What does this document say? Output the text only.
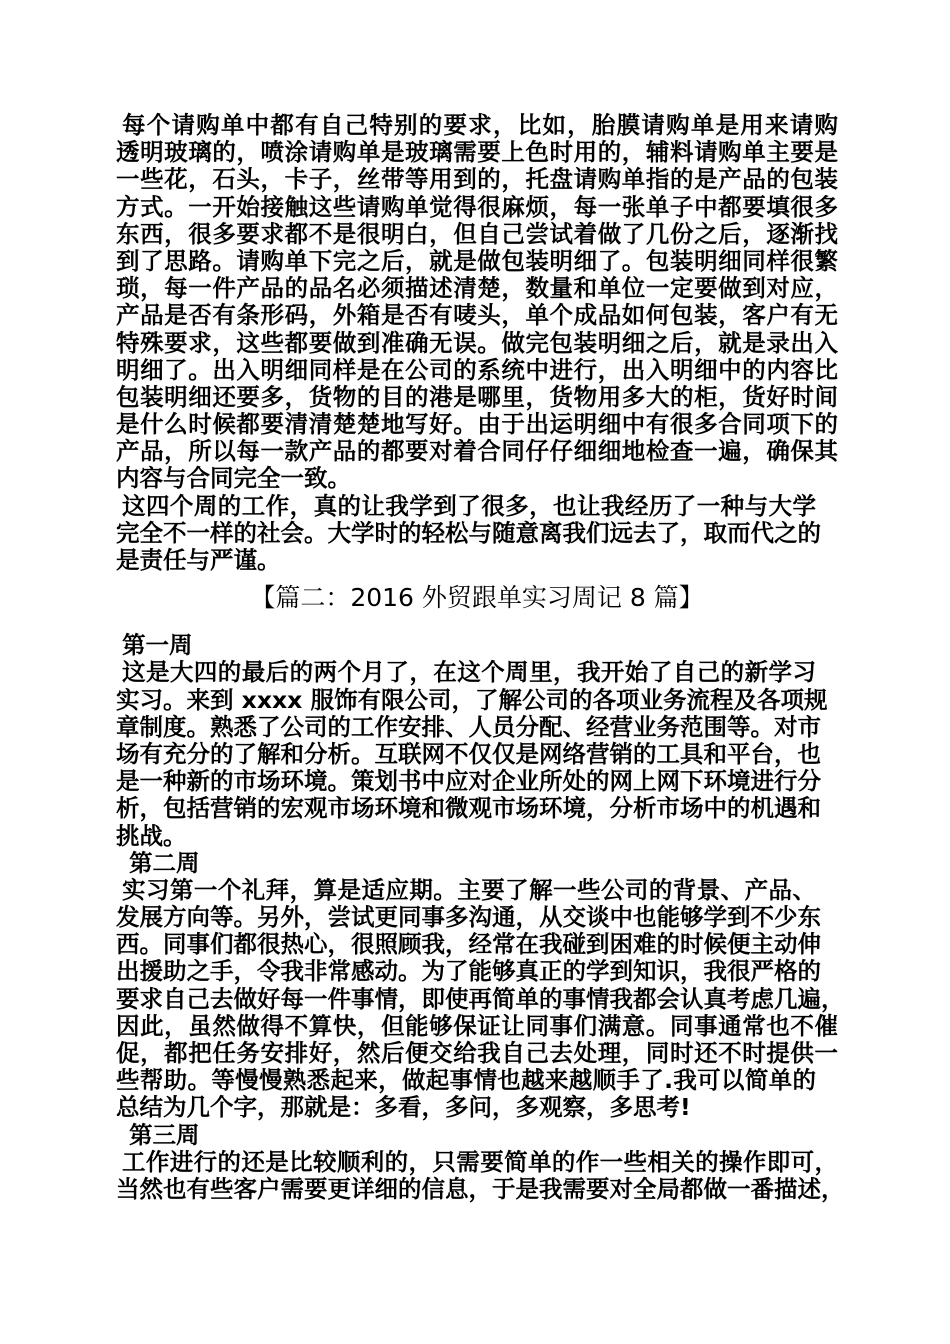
每个请购单中都有自己特别的要求，比如，胎膜请购单是用来请购
透明玻璃的，喷涂请购单是玻璃需要上色时用的，辅料请购单主要是
一些花，石头，卡子，丝带等用到的，托盘请购单指的是产品的包装
方式。一开始接触这些请购单觉得很麻烦，每一张单子中都要填很多
东西，很多要求都不是很明白，但自己尝试着做了几份之后，逐渐找
到了思路。请购单下完之后，就是做包装明细了。包装明细同样很繁
琐，每一件产品的品名必须描述清楚，数量和单位一定要做到对应，
产品是否有条形码，外箱是否有唛头，单个成品如何包装，客户有无
特殊要求，这些都要做到准确无误。做完包装明细之后，就是录出入
明细了。出入明细同样是在公司的系统中进行，出入明细中的内容比
包装明细还要多，货物的目的港是哪里，货物用多大的柜，货好时间
是什么时候都要清清楚楚地写好。由于出运明细中有很多合同项下的
产品，所以每一款产品的都要对着合同仔仔细细地检查一遍，确保其
内容与合同完全一致。
这四个周的工作，真的让我学到了很多，也让我经历了一种与大学
完全不一样的社会。大学时的轻松与随意离我们远去了，取而代之的
是责任与严谨。
【篇二：2016 外贸跟单实习周记 8 篇】
第一周
这是大四的最后的两个月了，在这个周里，我开始了自己的新学习
实习。来到 xxxx 服饰有限公司，了解公司的各项业务流程及各项规
章制度。熟悉了公司的工作安排、人员分配、经营业务范围等。对市
场有充分的了解和分析。互联网不仅仅是网络营销的工具和平台，也
是一种新的市场环境。策划书中应对企业所处的网上网下环境进行分
析，包括营销的宏观市场环境和微观市场环境，分析市场中的机遇和
挑战。
第二周
实习第一个礼拜，算是适应期。主要了解一些公司的背景、产品、
发展方向等。另外，尝试更同事多沟通，从交谈中也能够学到不少东
西。同事们都很热心，很照顾我，经常在我碰到困难的时候便主动伸
出援助之手，令我非常感动。为了能够真正的学到知识，我很严格的
要求自己去做好每一件事情，即使再简单的事情我都会认真考虑几遍，
因此，虽然做得不算快，但能够保证让同事们满意。同事通常也不催
促，都把任务安排好，然后便交给我自己去处理，同时还不时提供一
些帮助。等慢慢熟悉起来，做起事情也越来越顺手了.我可以简单的
总结为几个字，那就是：多看，多问，多观察，多思考!
第三周
工作进行的还是比较顺利的，只需要简单的作一些相关的操作即可，
当然也有些客户需要更详细的信息，于是我需要对全局都做一番描述，
